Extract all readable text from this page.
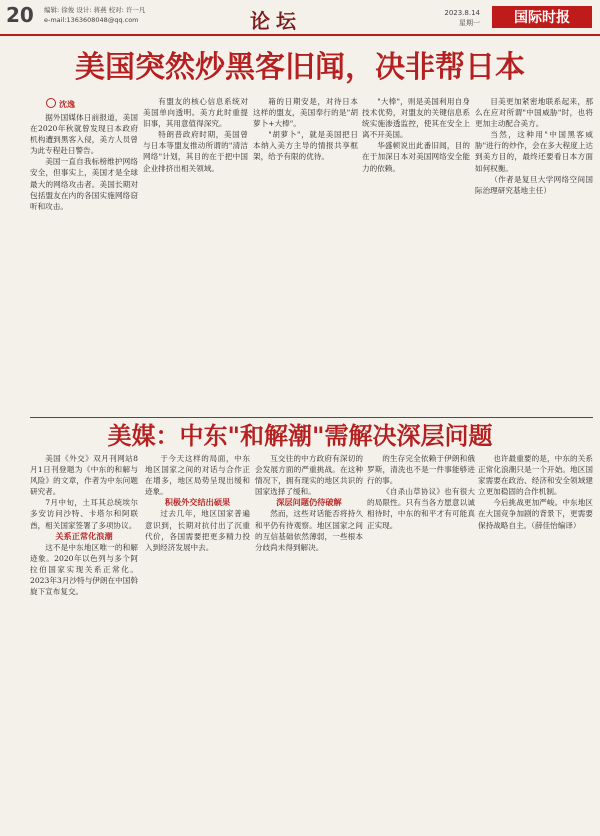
20 编辑: 徐俊 设计: 蒋燕 校对: 许一凡
e-mail:1363608048@qq.com	论坛	2023.8.14
星期一	国际时报
美国突然炒黑客旧闻，决非帮日本
沈逸

据外国媒体日前报道，美国在2020年秋就曾发现日本政府机构遭到黑客入侵，美方人员曾为此专程赴日警告。

美国一直自我标榜维护网络安全，但事实上，美国才是全球最大的网络攻击者。美国长期对包括盟友在内的各国实施网络窃听和攻击。

有盟友的核心信息系统对美国单向透明。美方此时重提旧事，其用意值得深究。

特朗普政府时期，美国曾与日本等盟友推动所谓的"清洁网络"计划，其目的在于把中国企业排挤出相关领域。

箱的日期安是，对待日本这样的盟友，美国奉行的是"胡萝卜+大棒"。

"胡萝卜"，就是美国把日本纳入美方主导的情报共享框架，给予有限的优待。

"大棒"，则是美国利用自身技术优势，对盟友的关键信息系统实施渗透监控，使其在安全上离不开美国。

华盛顿说出此番旧闻，目的在于加深日本对美国网络安全能力的依赖。

目美更加紧密地联系起来，那么在应对所谓"中国威胁"时，也将更加主动配合美方。

当然，这种用"中国黑客威胁"进行的炒作，会在多大程度上达到美方目的，最终还要看日本方面如何权衡。

（作者是复旦大学网络空间国际治理研究基地主任）

美媒：中东"和解潮"需解决深层问题

美国《外交》双月刊网站8月1日刊登题为《中东的和解与风险》的文章，作者为中东问题研究者。

7月中旬，土耳其总统埃尔多安访问沙特、卡塔尔和阿联酋，相关国家签署了多项协议。

关系正常化浪潮

这不是中东地区唯一的和解迹象。2020年以色列与多个阿拉伯国家实现关系正常化。2023年3月沙特与伊朗在中国斡旋下宣布复交。

于今天这样的局面，中东地区国家之间的对话与合作正在增多，地区局势呈现出缓和迹象。

积极外交结出硕果

过去几年，地区国家普遍意识到，长期对抗付出了沉重代价，各国需要把更多精力投入到经济发展中去。

互交往的中方政府有深切的会发展方面的严重挑战。在这种情况下，拥有现实的地区共识的国家选择了缓和。

深层问题仍待破解

然而，这些对话能否将持久和平仍有待观察。地区国家之间的互信基础依然薄弱，一些根本分歧尚未得到解决。

的生存完全依赖于伊朗和俄罗斯，清洗也不是一件事能够进行的事。

《自杀山草协议》也有很大的局限性。只有当各方愿意以诚相待时，中东的和平才有可能真正实现。

也许最重要的是，中东的关系正常化浪潮只是一个开始。地区国家需要在政治、经济和安全领域建立更加稳固的合作机制。

今后挑战更加严峻。中东地区在大国竞争加剧的背景下，更需要保持战略自主。（薛佳怡编译）
